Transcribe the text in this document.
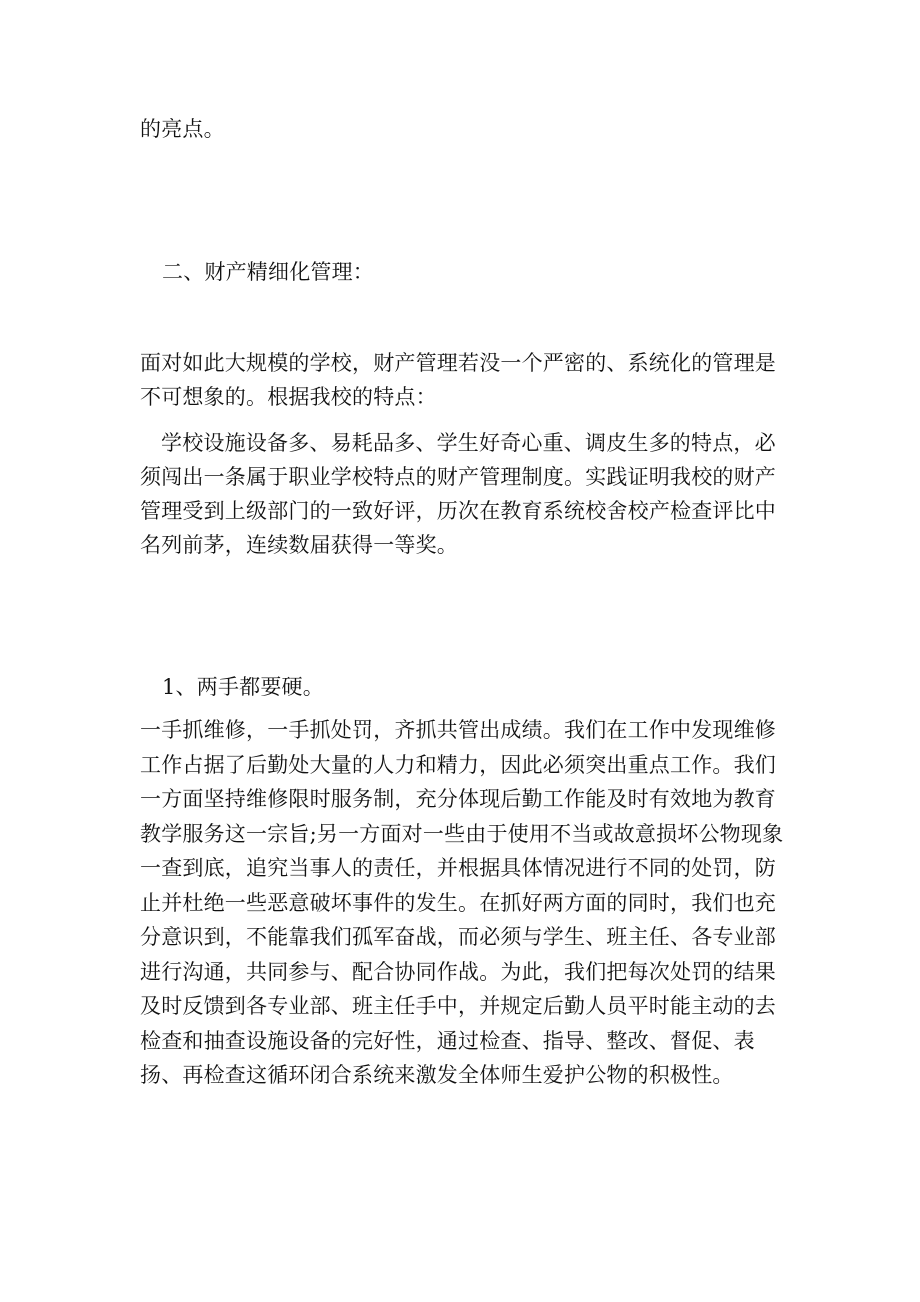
的亮点。

二、财产精细化管理：

面对如此大规模的学校，财产管理若没一个严密的、系统化的管理是不可想象的。根据我校的特点：

学校设施设备多、易耗品多、学生好奇心重、调皮生多的特点，必须闯出一条属于职业学校特点的财产管理制度。实践证明我校的财产管理受到上级部门的一致好评，历次在教育系统校舍校产检查评比中名列前茅，连续数届获得一等奖。

1、两手都要硬。

一手抓维修，一手抓处罚，齐抓共管出成绩。我们在工作中发现维修工作占据了后勤处大量的人力和精力，因此必须突出重点工作。我们一方面坚持维修限时服务制，充分体现后勤工作能及时有效地为教育教学服务这一宗旨;另一方面对一些由于使用不当或故意损坏公物现象一查到底，追究当事人的责任，并根据具体情况进行不同的处罚，防止并杜绝一些恶意破坏事件的发生。在抓好两方面的同时，我们也充分意识到，不能靠我们孤军奋战，而必须与学生、班主任、各专业部进行沟通，共同参与、配合协同作战。为此，我们把每次处罚的结果及时反馈到各专业部、班主任手中，并规定后勤人员平时能主动的去检查和抽查设施设备的完好性，通过检查、指导、整改、督促、表扬、再检查这循环闭合系统来激发全体师生爱护公物的积极性。
